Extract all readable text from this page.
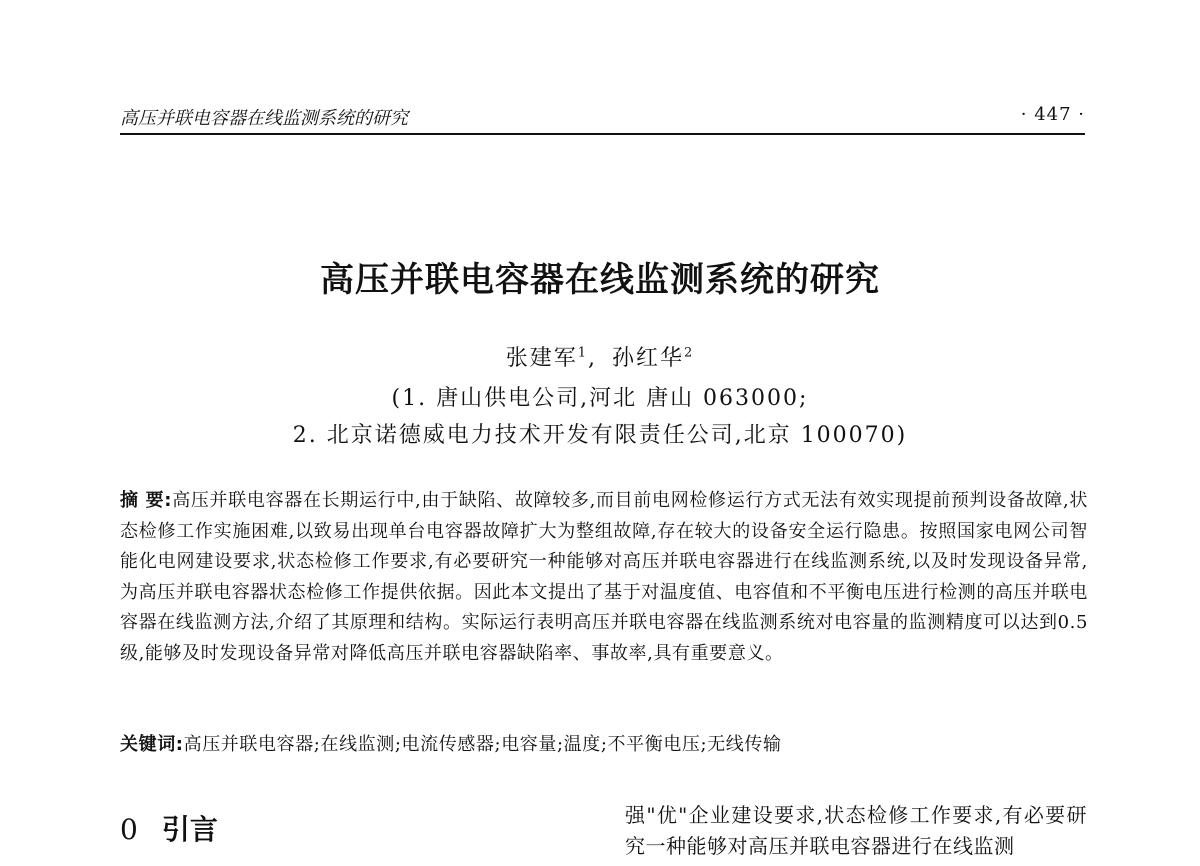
高压并联电容器在线监测系统的研究	· 447 ·
高压并联电容器在线监测系统的研究
张建军$^1$, 孙红华$^2$
(1. 唐山供电公司,河北 唐山 063000;
2. 北京诺德威电力技术开发有限责任公司,北京 100070)
摘 要:高压并联电容器在长期运行中,由于缺陷、故障较多,而目前电网检修运行方式无法有效实现提前预判设备故障,状态检修工作实施困难,以致易出现单台电容器故障扩大为整组故障,存在较大的设备安全运行隐患。按照国家电网公司智能化电网建设要求,状态检修工作要求,有必要研究一种能够对高压并联电容器进行在线监测系统,以及时发现设备异常,为高压并联电容器状态检修工作提供依据。因此本文提出了基于对温度值、电容值和不平衡电压进行检测的高压并联电容器在线监测方法,介绍了其原理和结构。实际运行表明高压并联电容器在线监测系统对电容量的监测精度可以达到0.5级,能够及时发现设备异常对降低高压并联电容器缺陷率、事故率,具有重要意义。
关键词:高压并联电容器;在线监测;电流传感器;电容量;温度;不平衡电压;无线传输
0 引言	强"优"企业建设要求,状态检修工作要求,有必要研究一种能够对高压并联电容器进行在线监测
